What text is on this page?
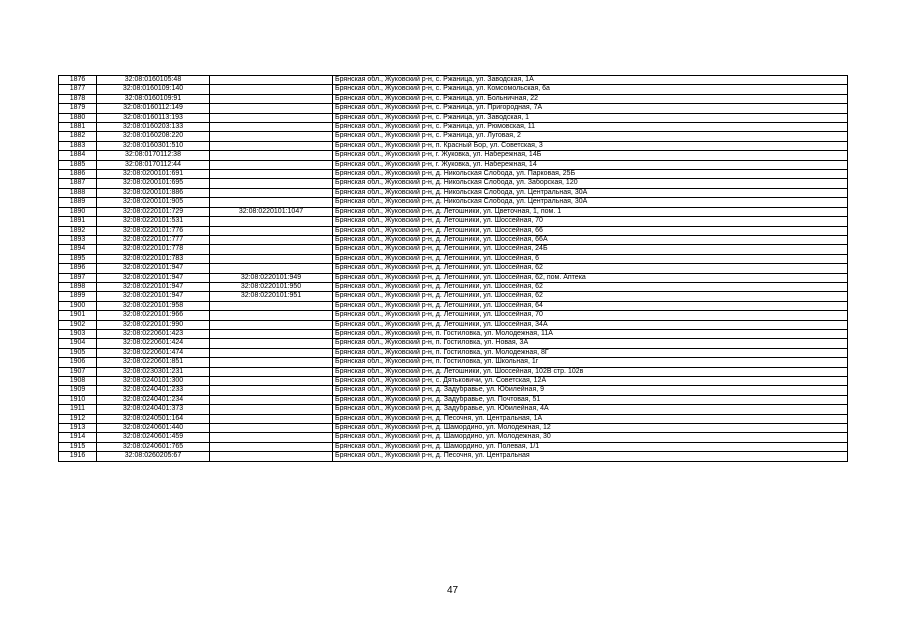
1876	32:08:0160105:48		Брянская обл., Жуковский р-н, с. Ржаница, ул. Заводская, 1А
1877	32:08:0160109:140		Брянская обл., Жуковский р-н, с. Ржаница, ул. Комсомольская, 6а
1878	32:08:0160109:91		Брянская обл., Жуковский р-н, с. Ржаница, ул. Больничная, 22
1879	32:08:0160112:149		Брянская обл., Жуковский р-н, с. Ржаница, ул. Пригородная, 7А
1880	32:08:0160113:193		Брянская обл., Жуковский р-н, с. Ржаница, ул. Заводская, 1
1881	32:08:0160203:133		Брянская обл., Жуковский р-н, с. Ржаница, ул. Рюмовская, 11
1882	32:08:0160208:220		Брянская обл., Жуковский р-н, с. Ржаница, ул. Луговая, 2
1883	32:08:0160301:510		Брянская обл., Жуковский р-н, п. Красный Бор, ул. Советская, 3
1884	32:08:0170112:38		Брянская обл., Жуковский р-н, г. Жуковка, ул. Набережная, 14Б
1885	32:08:0170112:44		Брянская обл., Жуковский р-н, г. Жуковка, ул. Набережная, 14
1886	32:08:0200101:691		Брянская обл., Жуковский р-н, д. Никольская Слобода, ул. Парковая, 25Б
1887	32:08:0200101:695		Брянская обл., Жуковский р-н, д. Никольская Слобода, ул. Заборская, 120
1888	32:08:0200101:886		Брянская обл., Жуковский р-н, д. Никольская Слобода, ул. Центральная, 30А
1889	32:08:0200101:905		Брянская обл., Жуковский р-н, д. Никольская Слобода, ул. Центральная, 30А
1890	32:08:0220101:729	32:08:0220101:1047	Брянская обл., Жуковский р-н, д. Летошники, ул. Цветочная, 1, пом. 1
1891	32:08:0220101:531		Брянская обл., Жуковский р-н, д. Летошники, ул. Шоссейная, 70
1892	32:08:0220101:776		Брянская обл., Жуковский р-н, д. Летошники, ул. Шоссейная, 66
1893	32:08:0220101:777		Брянская обл., Жуковский р-н, д. Летошники, ул. Шоссейная, 66А
1894	32:08:0220101:778		Брянская обл., Жуковский р-н, д. Летошники, ул. Шоссейная, 24Б
1895	32:08:0220101:783		Брянская обл., Жуковский р-н, д. Летошники, ул. Шоссейная, 6
1896	32:08:0220101:947		Брянская обл., Жуковский р-н, д. Летошники, ул. Шоссейная, 62
1897	32:08:0220101:947	32:08:0220101:949	Брянская обл., Жуковский р-н, д. Летошники, ул. Шоссейная, 62, пом. Аптека
1898	32:08:0220101:947	32:08:0220101:950	Брянская обл., Жуковский р-н, д. Летошники, ул. Шоссейная, 62
1899	32:08:0220101:947	32:08:0220101:951	Брянская обл., Жуковский р-н, д. Летошники, ул. Шоссейная, 62
1900	32:08:0220101:958		Брянская обл., Жуковский р-н, д. Летошники, ул. Шоссейная, 64
1901	32:08:0220101:966		Брянская обл., Жуковский р-н, д. Летошники, ул. Шоссейная, 70
1902	32:08:0220101:990		Брянская обл., Жуковский р-н, д. Летошники, ул. Шоссейная, 34А
1903	32:08:0220601:423		Брянская обл., Жуковский р-н, п. Гостиловка, ул. Молодежная, 11А
1904	32:08:0220601:424		Брянская обл., Жуковский р-н, п. Гостиловка, ул. Новая, 3А
1905	32:08:0220601:474		Брянская обл., Жуковский р-н, п. Гостиловка, ул. Молодежная, 8Г
1906	32:08:0220601:851		Брянская обл., Жуковский р-н, п. Гостиловка, ул. Школьная, 1г
1907	32:08:0230301:231		Брянская обл., Жуковский р-н, д. Летошники, ул. Шоссейная, 102В стр. 102в
1908	32:08:0240101:300		Брянская обл., Жуковский р-н, с. Дятьковичи, ул. Советская, 12А
1909	32:08:0240401:233		Брянская обл., Жуковский р-н, д. Задубравье, ул. Юбилейная, 9
1910	32:08:0240401:234		Брянская обл., Жуковский р-н, д. Задубравье, ул. Почтовая, 51
1911	32:08:0240401:373		Брянская обл., Жуковский р-н, д. Задубравье, ул. Юбилейная, 4А
1912	32:08:0240501:164		Брянская обл., Жуковский р-н, д. Песочня, ул. Центральная, 1А
1913	32:08:0240601:440		Брянская обл., Жуковский р-н, д. Шамордино, ул. Молодежная, 12
1914	32:08:0240601:459		Брянская обл., Жуковский р-н, д. Шамордино, ул. Молодежная, 30
1915	32:08:0240601:765		Брянская обл., Жуковский р-н, д. Шамордино, ул. Полевая, 1/1
1916	32:08:0260205:67		Брянская обл., Жуковский р-н, д. Песочня, ул. Центральная
47
